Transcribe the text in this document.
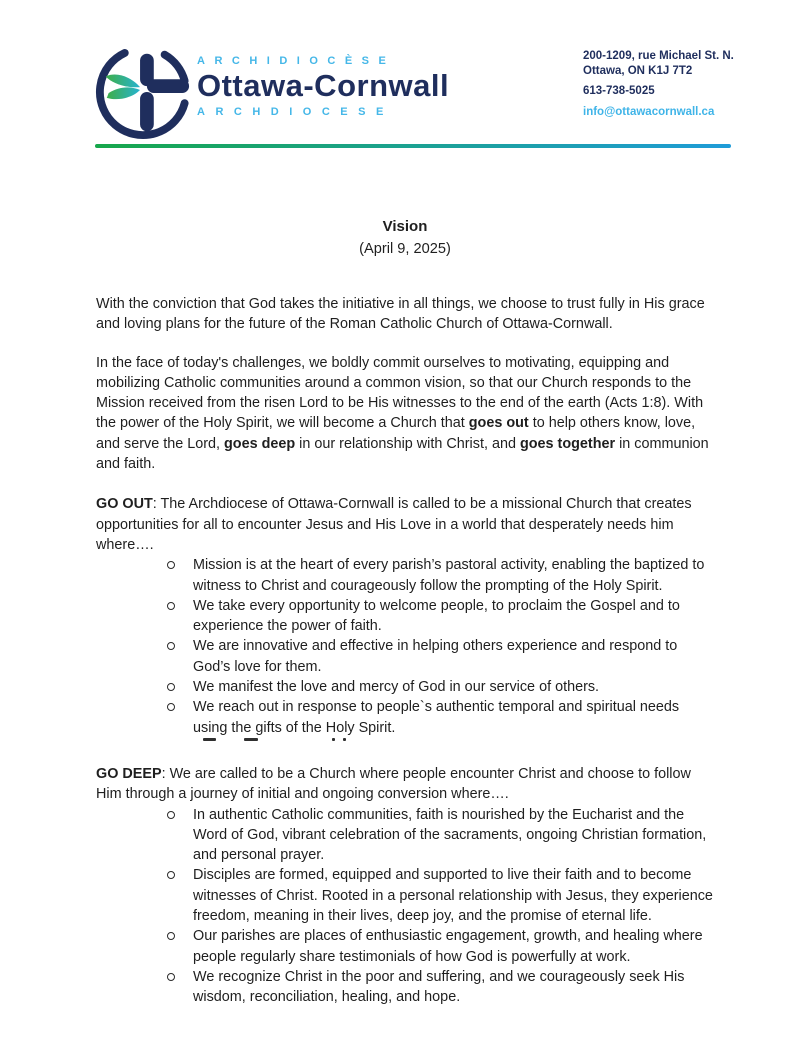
ARCHIDIOCÈSE
Ottawa-Cornwall
ARCHDIOCESE
200-1209, rue Michael St. N.
Ottawa, ON K1J 7T2
613-738-5025
info@ottawacornwall.ca
Vision
(April 9, 2025)
With the conviction that God takes the initiative in all things, we choose to trust fully in His grace and loving plans for the future of the Roman Catholic Church of Ottawa-Cornwall.
In the face of today's challenges, we boldly commit ourselves to motivating, equipping and mobilizing Catholic communities around a common vision, so that our Church responds to the Mission received from the risen Lord to be His witnesses to the end of the earth (Acts 1:8). With the power of the Holy Spirit, we will become a Church that goes out to help others know, love, and serve the Lord, goes deep in our relationship with Christ, and goes together in communion and faith.
GO OUT: The Archdiocese of Ottawa-Cornwall is called to be a missional Church that creates opportunities for all to encounter Jesus and His Love in a world that desperately needs him where….
Mission is at the heart of every parish’s pastoral activity, enabling the baptized to witness to Christ and courageously follow the prompting of the Holy Spirit.
We take every opportunity to welcome people, to proclaim the Gospel and to experience the power of faith.
We are innovative and effective in helping others experience and respond to God’s love for them.
We manifest the love and mercy of God in our service of others.
We reach out in response to people`s authentic temporal and spiritual needs using the gifts of the Holy Spirit.
GO DEEP: We are called to be a Church where people encounter Christ and choose to follow Him through a journey of initial and ongoing conversion where….
In authentic Catholic communities, faith is nourished by the Eucharist and the Word of God, vibrant celebration of the sacraments, ongoing Christian formation, and personal prayer.
Disciples are formed, equipped and supported to live their faith and to become witnesses of Christ. Rooted in a personal relationship with Jesus, they experience freedom, meaning in their lives, deep joy, and the promise of eternal life.
Our parishes are places of enthusiastic engagement, growth, and healing where people regularly share testimonials of how God is powerfully at work.
We recognize Christ in the poor and suffering, and we courageously seek His wisdom, reconciliation, healing, and hope.
